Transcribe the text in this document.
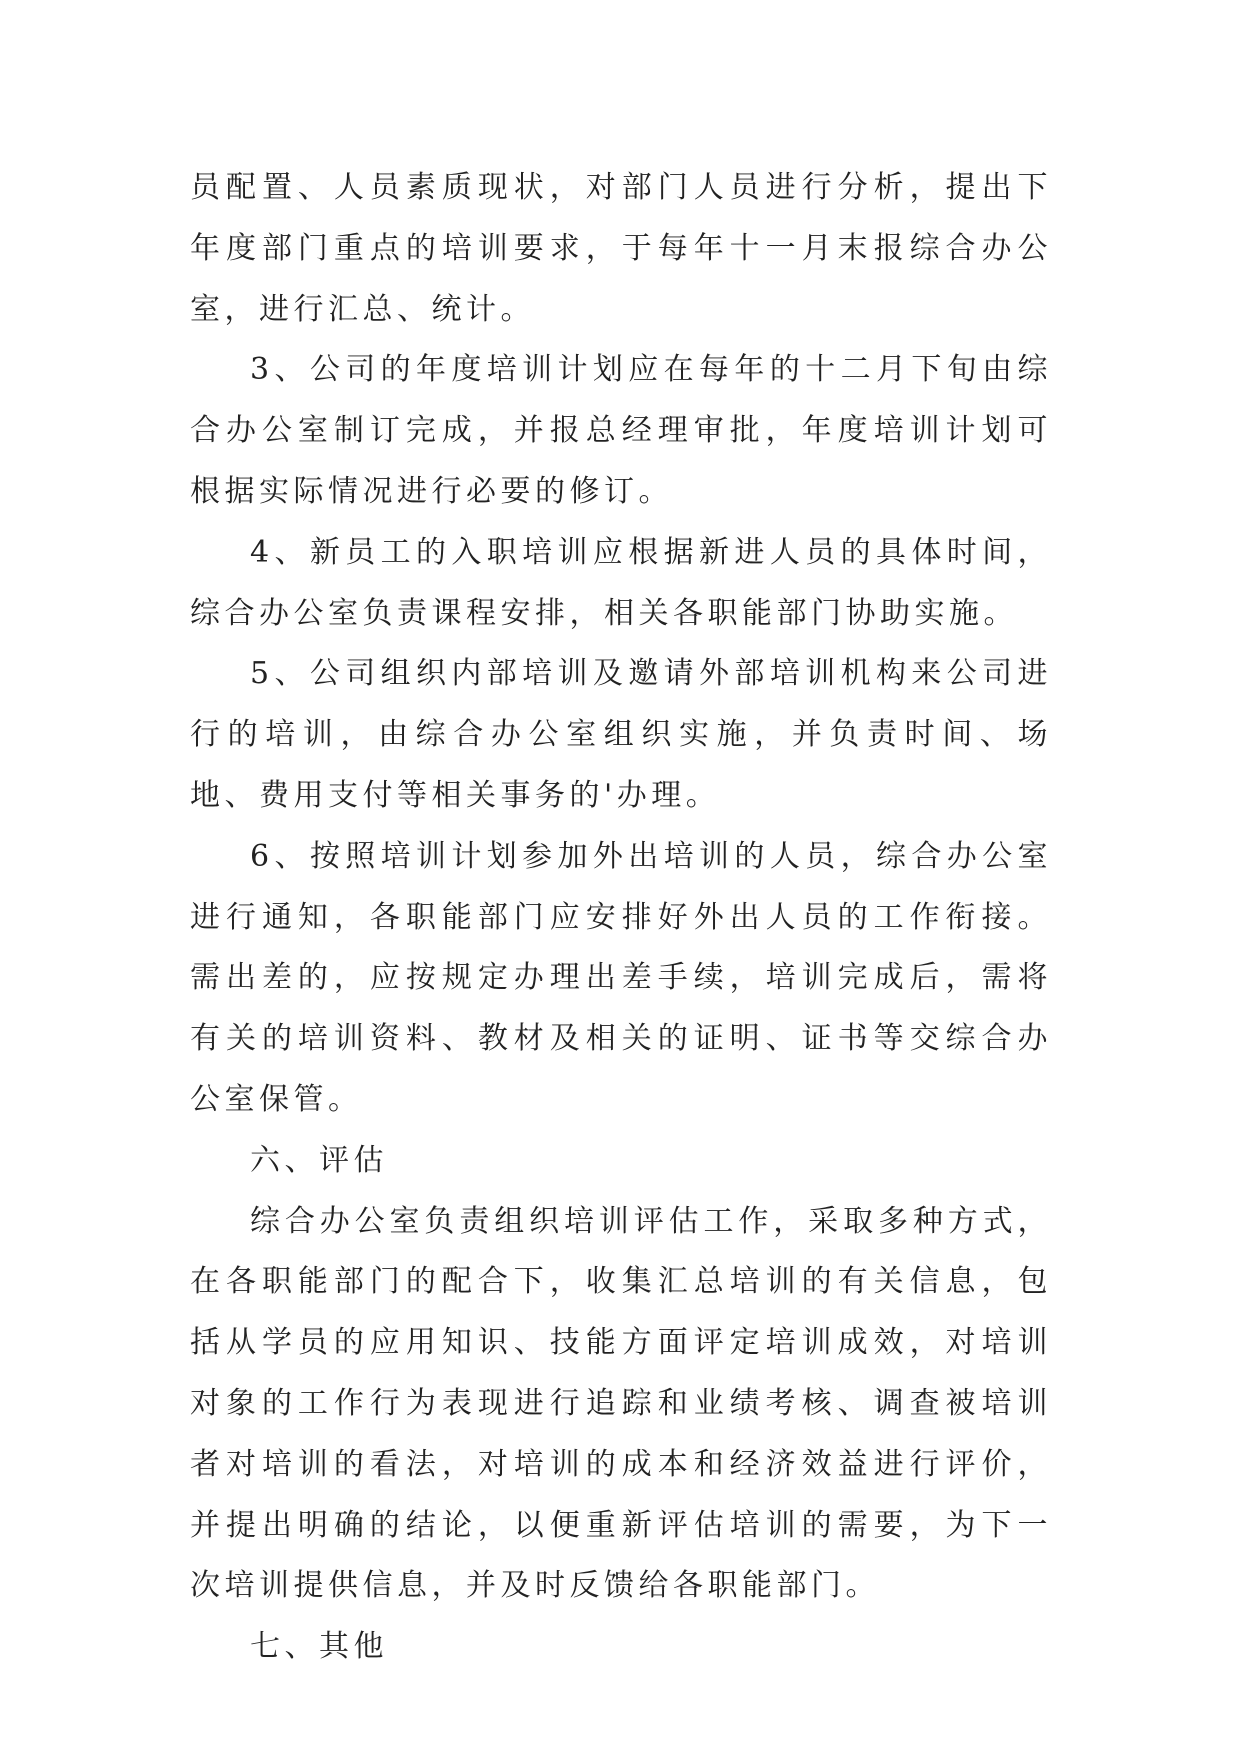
员配置、人员素质现状，对部门人员进行分析，提出下年度部门重点的培训要求，于每年十一月末报综合办公室，进行汇总、统计。

3、公司的年度培训计划应在每年的十二月下旬由综合办公室制订完成，并报总经理审批，年度培训计划可根据实际情况进行必要的修订。

4、新员工的入职培训应根据新进人员的具体时间，综合办公室负责课程安排，相关各职能部门协助实施。

5、公司组织内部培训及邀请外部培训机构来公司进行的培训，由综合办公室组织实施，并负责时间、场地、费用支付等相关事务的'办理。

6、按照培训计划参加外出培训的人员，综合办公室进行通知，各职能部门应安排好外出人员的工作衔接。需出差的，应按规定办理出差手续，培训完成后，需将有关的培训资料、教材及相关的证明、证书等交综合办公室保管。

六、评估

综合办公室负责组织培训评估工作，采取多种方式，在各职能部门的配合下，收集汇总培训的有关信息，包括从学员的应用知识、技能方面评定培训成效，对培训对象的工作行为表现进行追踪和业绩考核、调查被培训者对培训的看法，对培训的成本和经济效益进行评价，并提出明确的结论，以便重新评估培训的需要，为下一次培训提供信息，并及时反馈给各职能部门。

七、其他
